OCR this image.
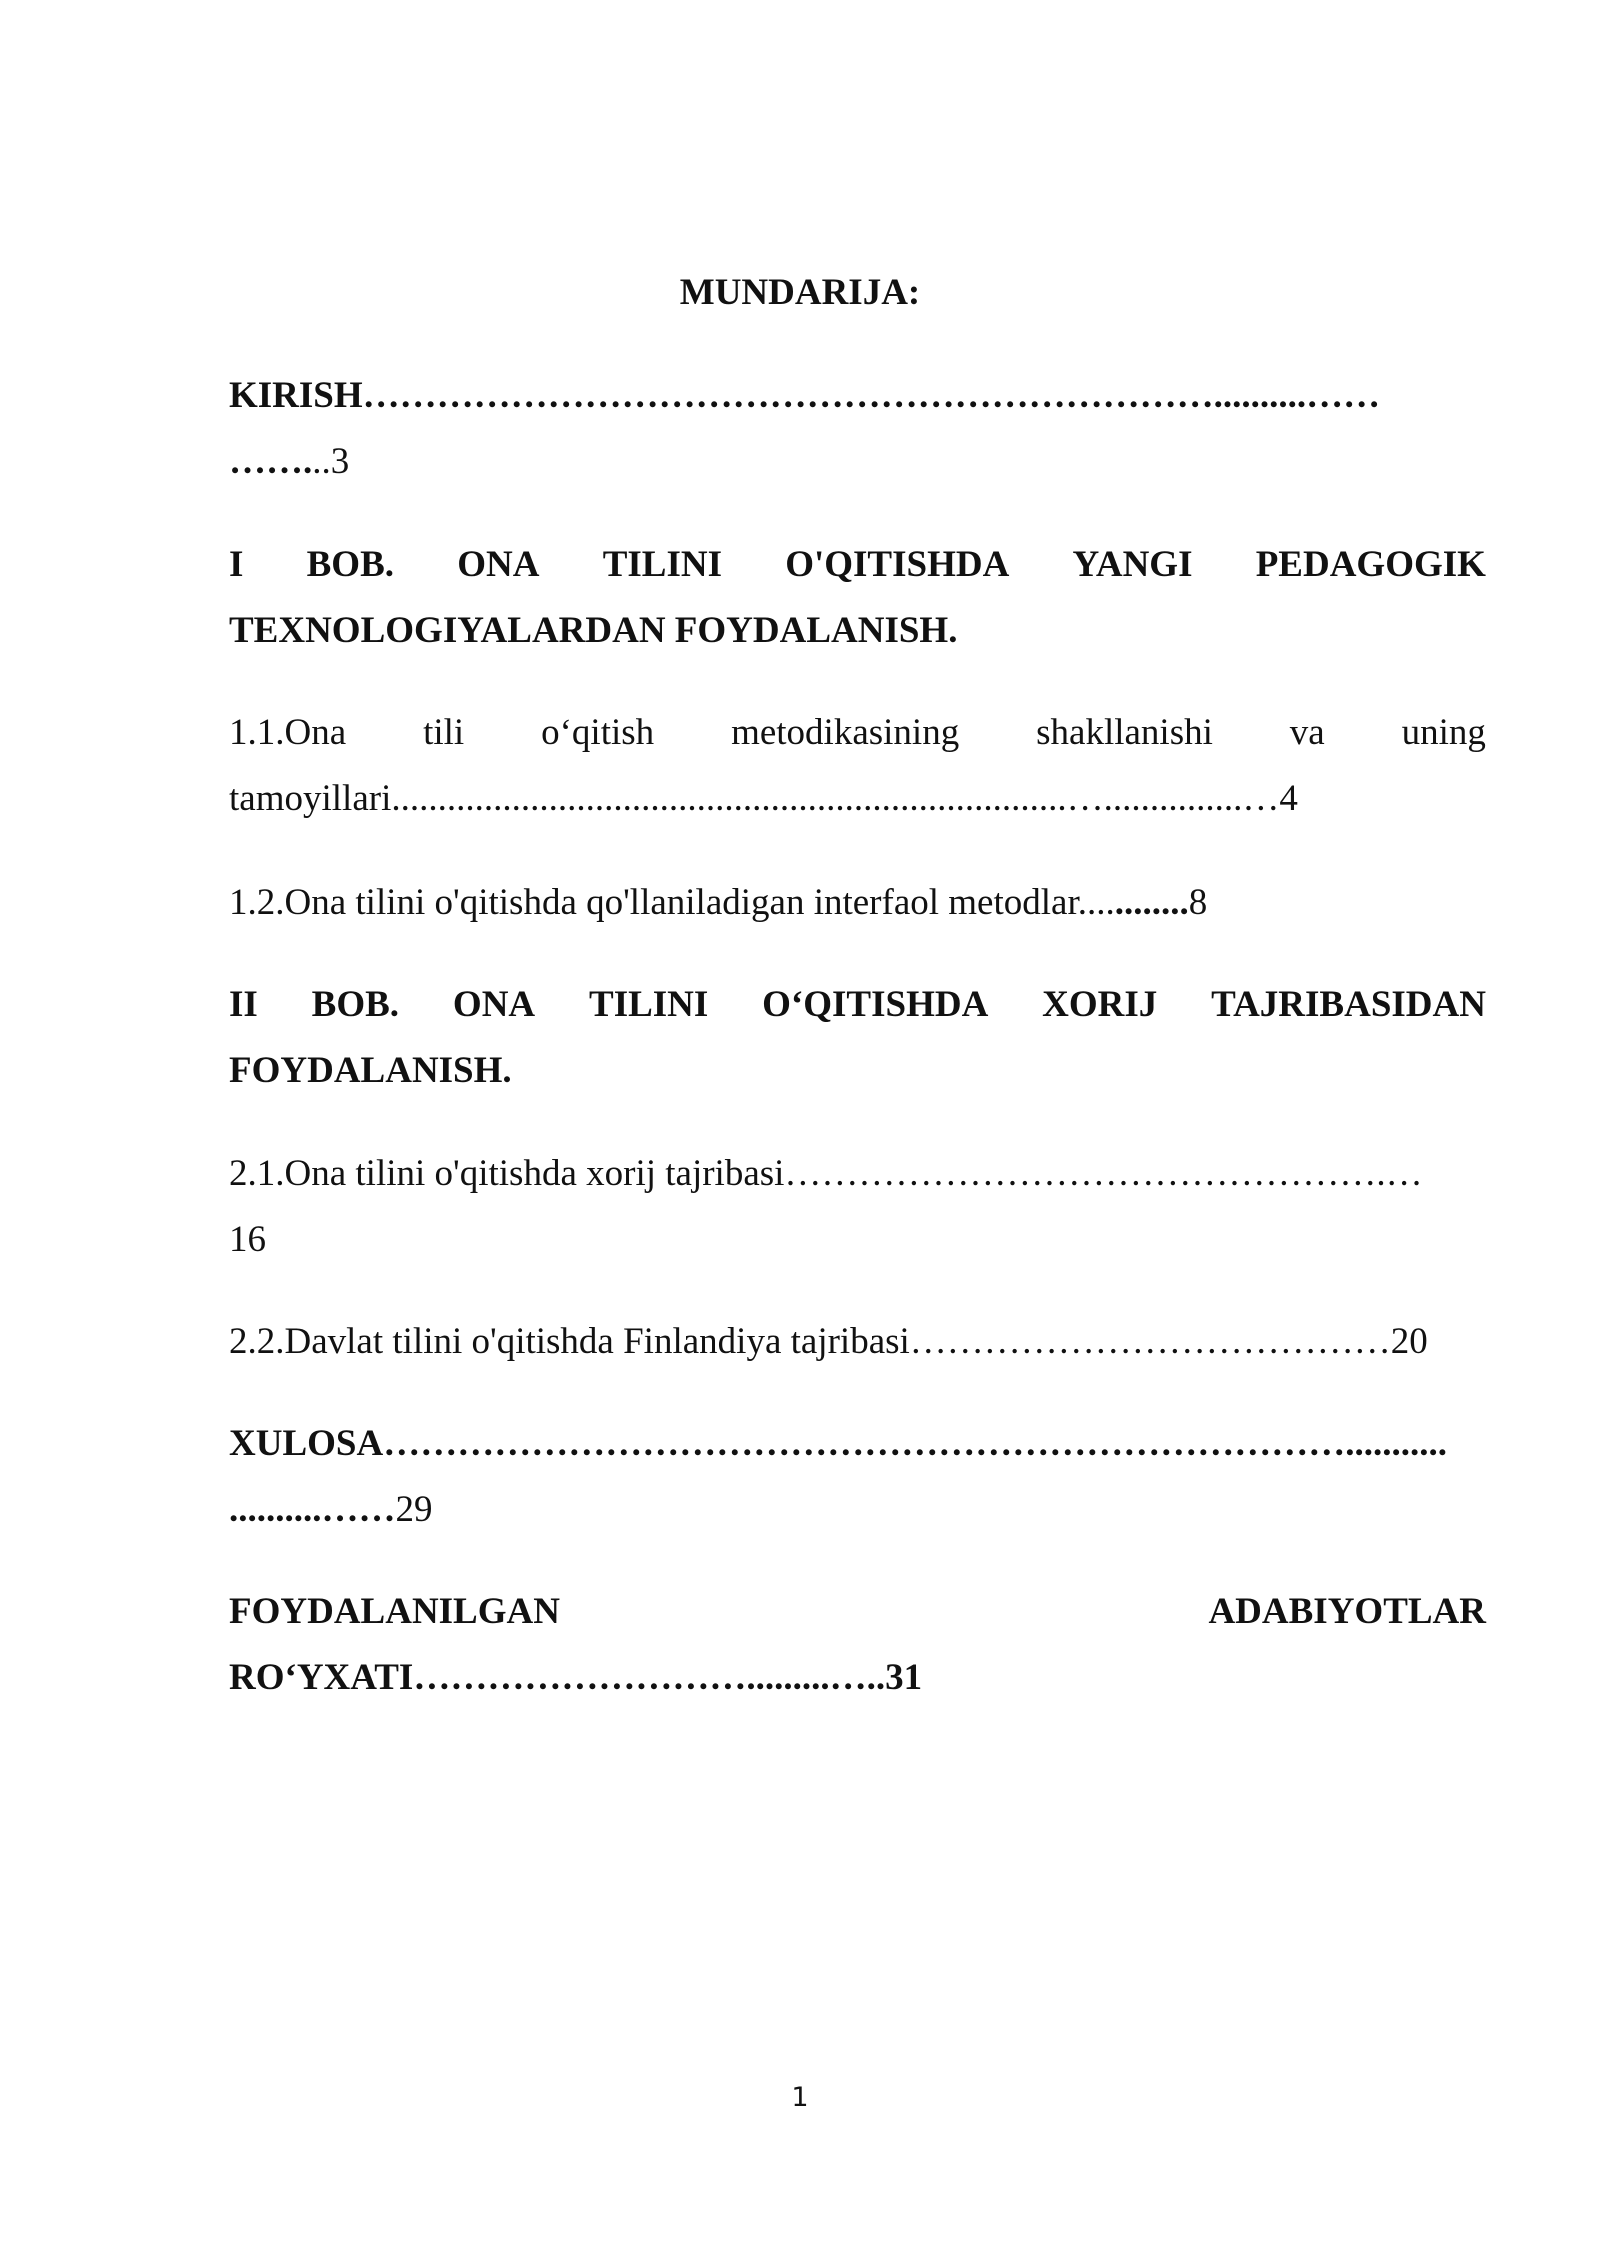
MUNDARIJA:
KIRISH……………………………………………………………..........……
……...3
I BOB. ONA TILINI O'QITISHDA YANGI PEDAGOGIK
TEXNOLOGIYALARDAN FOYDALANISH.
1.1.Ona tili o‘qitish metodikasining shakllanishi va uning
tamoyillari.........................................................................…...............…4
1.2.Ona tilini o'qitishda qo'llaniladigan interfaol metodlar............8
II BOB. ONA TILINI O‘QITISHDA XORIJ TAJRIBASIDAN
FOYDALANISH.
2.1.Ona tilini o'qitishda xorij tajribasi………………………………………….…
16
2.2.Davlat tilini o'qitishda Finlandiya tajribasi…………………………………20
XULOSA……………………………………………………………………...........
..........……29
FOYDALANILGAN	ADABIYOTLAR
RO‘YXATI……………………….........…..31
1
